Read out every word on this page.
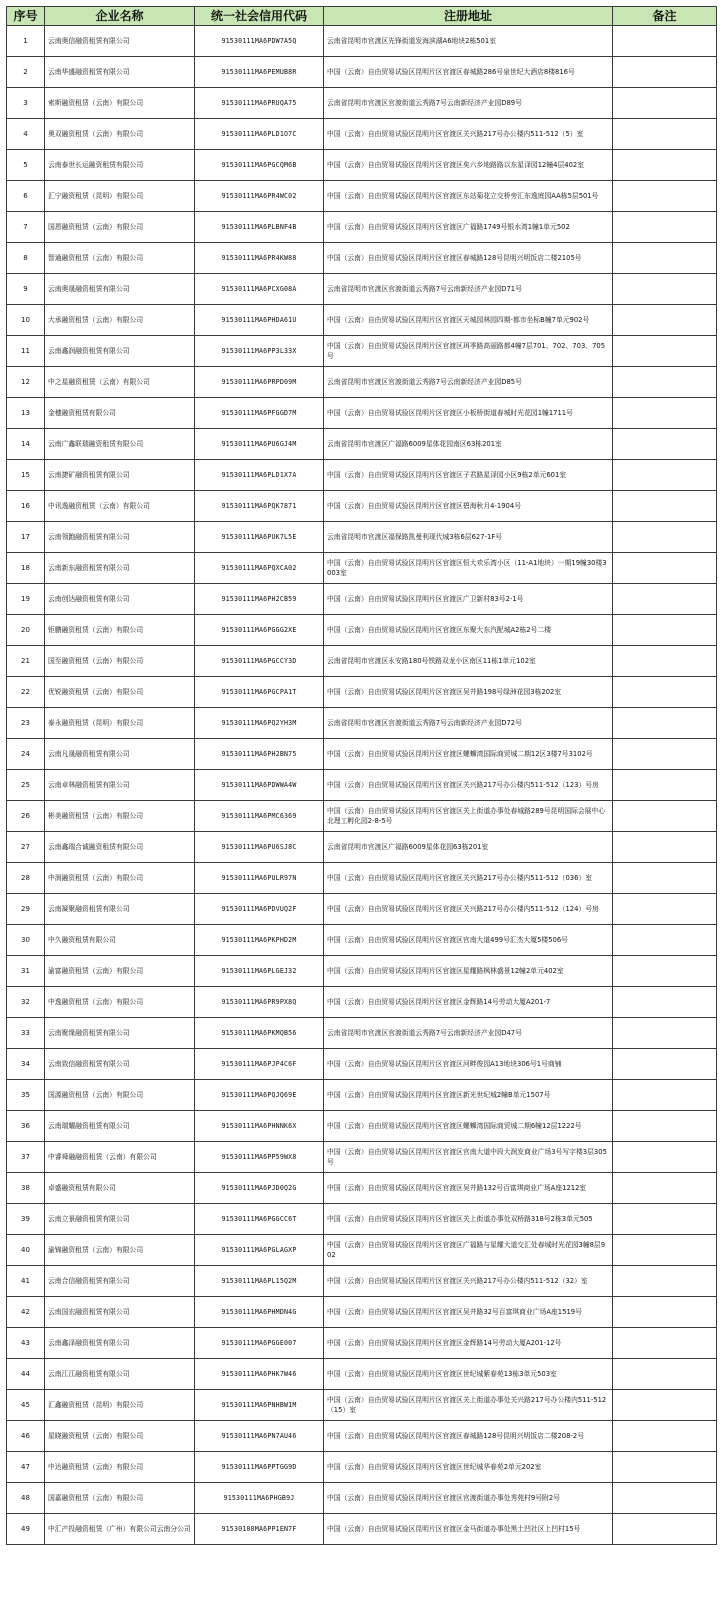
序号	企业名称	统一社会信用代码	注册地址	备注
1	云南奥信融资租赁有限公司	91530111MA6PDW7A5Q	云南省昆明市官渡区先锋街道发海滨湖A6地块2栋501室	
2	云南华盛融资租赁有限公司	91530111MA6PEMUB8R	中国（云南）自由贸易试验区昆明片区官渡区春城路286号泉世纪大酒店8楼816号	
3	索斯融资租赁（云南）有限公司	91530111MA6PRUQA75	云南省昆明市官渡区官渡街道云秀路7号云南新经济产业园D89号	
4	奥双融资租赁（云南）有限公司	91530111MA6PLD1O7C	中国（云南）自由贸易试验区昆明片区官渡区关兴路217号办公楼内511-512（5）室	
5	云南泰世长运融资租赁有限公司	91530111MA6PGCQM6B	中国（云南）自由贸易试验区昆明片区官渡区矣六乡地路路以东星泽园12幢4层402室	
6	汇宁融资租赁（昆明）有限公司	91530111MA6PR4WC02	中国（云南）自由贸易试验区昆明片区官渡区东站菊花立交桥旁汇东逸庭园AA栋5层501号	
7	国恩融资租赁（云南）有限公司	91530111MA6PLBNF4B	中国（云南）自由贸易试验区昆明片区官渡区广福路1749号银水湾1幢1单元502	
8	智通融资租赁（云南）有限公司	91530111MA6PR4KW88	中国（云南）自由贸易试验区昆明片区官渡区春城路128号昆明兴明饭店二楼2105号	
9	云南奥晟融资租赁有限公司	91530111MA6PCXG08A	云南省昆明市官渡区官渡街道云秀路7号云南新经济产业园D71号	
10	大承融资租赁（云南）有限公司	91530111MA6PHDA61U	中国（云南）自由贸易试验区昆明片区官渡区天城园林园四期-都市坐标B幢7单元902号	
11	云南鑫润融资租赁有限公司	91530111MA6PP3L33X	中国（云南）自由贸易试验区昆明片区官渡区珥季路高丽路都4幢7层701、702、703、705号	
12	中之星融资租赁（云南）有限公司	91530111MA6PRPD09M	云南省昆明市官渡区官渡街道云秀路7号云南新经济产业园D85号	
13	金穗融资租赁有限公司	91530111MA6PFGGD7M	中国（云南）自由贸易试验区昆明片区官渡区小板桥街道春城时光花园1幢1711号	
14	云南广鑫联瑞融资租赁有限公司	91530111MA6PU6GJ4M	云南省昆明市官渡区广福路6009星体花园南区63栋201室	
15	云南捷矿融资租赁有限公司	91530111MA6PLD1X7A	中国（云南）自由贸易试验区昆明片区官渡区子君路星泽园小区9栋2单元601室	
16	中讯逸融资租赁（云南）有限公司	91530111MA6PQK7871	中国（云南）自由贸易试验区昆明片区官渡区碧海秋月4-1904号	
17	云南领跑融资租赁有限公司	91530111MA6PUK7L5E	云南省昆明市官渡区福保路凯曼利现代城3栋6层627-1F号	
18	云南新东融资租赁有限公司	91530111MA6PQXCA02	中国（云南）自由贸易试验区昆明片区官渡区恒大欢乐湾小区（11-A1地块）一期19幢30楼3003室	
19	云南创达融资租赁有限公司	91530111MA6PH2CB59	中国（云南）自由贸易试验区昆明片区官渡区广卫新村83号2-1号	
20	钜鹏融资租赁（云南）有限公司	91530111MA6PGGG2XE	中国（云南）自由贸易试验区昆明片区官渡区东聚大东汽配城A2栋2号二楼	
21	国至融资租赁（云南）有限公司	91530111MA6PGCCY3D	云南省昆明市官渡区永安路180号铁路双龙小区南区11栋1单元102室	
22	优锐融资租赁（云南）有限公司	91530111MA6PGCPA1T	中国（云南）自由贸易试验区昆明片区官渡区吴井路198号绿洲花园3栋202室	
23	泰永融资租赁（昆明）有限公司	91530111MA6PQ2YH3M	云南省昆明市官渡区官渡街道云秀路7号云南新经济产业园D72号	
24	云南凡晟融资租赁有限公司	91530111MA6PH2BN75	中国（云南）自由贸易试验区昆明片区官渡区螺蛳湾国际商贸城二期12区3楼7号3102号	
25	云南卓林融资租赁有限公司	91530111MA6PDWWA4W	中国（云南）自由贸易试验区昆明片区官渡区关兴路217号办公楼内511-512（123）号房	
26	彬美融资租赁（云南）有限公司	91530111MA6PMC6369	中国（云南）自由贸易试验区昆明片区官渡区关上街道办事处春城路289号昆明国际会展中心北理工孵化园2-8-5号	
27	云南鑫瑞合诚融资租赁有限公司	91530111MA6PU6SJ8C	云南省昆明市官渡区广福路6009星体花园63栋201室	
28	中润融资租赁（云南）有限公司	91530111MA6PULR97N	中国（云南）自由贸易试验区昆明片区官渡区关兴路217号办公楼内511-512（036）室	
29	云南凝聚融资租赁有限公司	91530111MA6PDVUQ2F	中国（云南）自由贸易试验区昆明片区官渡区关兴路217号办公楼内511-512（124）号房	
30	中久融资租赁有限公司	91530111MA6PKPHD2M	中国（云南）自由贸易试验区昆明片区官渡区官南大道499号汇杰大厦5楼506号	
31	渝富融资租赁（云南）有限公司	91530111MA6PLGEJ32	中国（云南）自由贸易试验区昆明片区官渡区星耀路枫林盛景12幢2单元402室	
32	中逸融资租赁（云南）有限公司	91530111MA6PR9PX8Q	中国（云南）自由贸易试验区昆明片区官渡区金辉路14号劳动大厦A201-7	
33	云南聚缘融资租赁有限公司	91530111MA6PKMQB56	云南省昆明市官渡区官渡街道云秀路7号云南新经济产业园D47号	
34	云南致信融资租赁有限公司	91530111MA6PJP4C6F	中国（云南）自由贸易试验区昆明片区官渡区河畔俊园A13地块306号1号商铺	
35	国源融资租赁（云南）有限公司	91530111MA6PQJQ69E	中国（云南）自由贸易试验区昆明片区官渡区新光世纪城2幢B单元1507号	
36	云南瑞耀融资租赁有限公司	91530111MA6PHNNK6X	中国（云南）自由贸易试验区昆明片区官渡区螺蛳湾国际商贸城二期6幢12层1222号	
37	中睿舜融融资租赁（云南）有限公司	91530111MA6PP59WX8	中国（云南）自由贸易试验区昆明片区官渡区官南大道中段大润发商业广场3号写字楼3层305号	
38	卓盛融资租赁有限公司	91530111MA6PJD0Q2G	中国（云南）自由贸易试验区昆明片区官渡区吴井路132号百富琪商业广场A座1212室	
39	云南立景融资租赁有限公司	91530111MA6PGGCC6T	中国（云南）自由贸易试验区昆明片区官渡区关上街道办事处双桥路318号2栋3单元505	
40	渝锦融资租赁（云南）有限公司	91530111MA6PGLAGXP	中国（云南）自由贸易试验区昆明片区官渡区广福路与星耀大道交汇处春城时光花园3幢8层902	
41	云南合信融资租赁有限公司	91530111MA6PL15Q2M	中国（云南）自由贸易试验区昆明片区官渡区关兴路217号办公楼内511-512（32）室	
42	云南国宏融资租赁有限公司	91530111MA6PHMDN4G	中国（云南）自由贸易试验区昆明片区官渡区吴井路32号百富琪商业广场A座1519号	
43	云南鑫泽融资租赁有限公司	91530111MA6PGGE007	中国（云南）自由贸易试验区昆明片区官渡区金辉路14号劳动大厦A201-12号	
44	云南江江融资租赁有限公司	91530111MA6PHK7W46	中国（云南）自由贸易试验区昆明片区官渡区世纪城紫春苑13栋3单元503室	
45	汇鑫融资租赁（昆明）有限公司	91530111MA6PNHBW1M	中国（云南）自由贸易试验区昆明片区官渡区关上街道办事处关兴路217号办公楼内511-512（15）室	
46	星晓融资租赁（云南）有限公司	91530111MA6PN7AU46	中国（云南）自由贸易试验区昆明片区官渡区春城路128号昆明兴明饭店二楼208-2号	
47	中达融资租赁（云南）有限公司	91530111MA6PPTGG9D	中国（云南）自由贸易试验区昆明片区官渡区世纪城华春苑2单元202室	
48	国嘉融资租赁（云南）有限公司	91530111MA6PHGB9J	中国（云南）自由贸易试验区昆明片区官渡区官渡街道办事处秀苑村9号附2号	
49	中汇产投融资租赁（广州）有限公司云南分公司	91530100MA6PP1EN7F	中国（云南）自由贸易试验区昆明片区官渡区金马街道办事处黑土凹社区上凹村15号	
